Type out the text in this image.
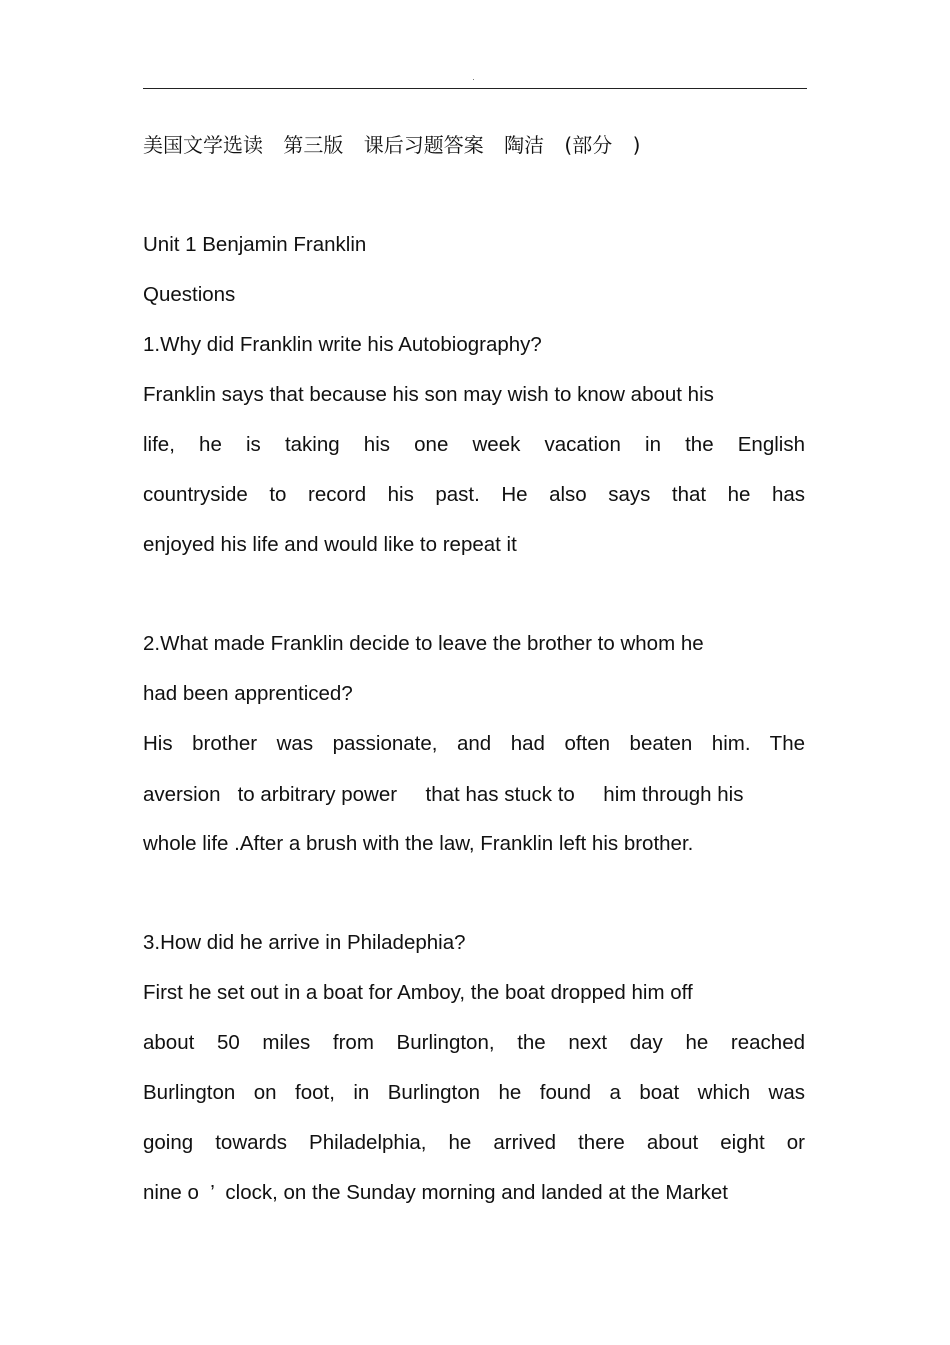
·
美国文学选读 第三版 课后习题答案 陶洁 (部分 )
Unit 1 Benjamin Franklin
Questions
1.Why did Franklin write his Autobiography?
Franklin says that because his son may wish to know about his
life, he is taking his one week vacation in the English
countryside to record his past. He also says that he has
enjoyed his life and would like to repeat it
2.What made Franklin decide to leave the brother to whom he
had been apprenticed?
His brother was passionate, and had often beaten him. The
aversion   to arbitrary power     that has stuck to     him through his
whole life .After a brush with the law, Franklin left his brother.
3.How did he arrive in Philadephia?
First he set out in a boat for Amboy, the boat dropped him off
about 50 miles from Burlington, the next day he reached
Burlington on foot, in Burlington he found a boat which was
going towards Philadelphia, he arrived there about eight or
nine o  ’  clock, on the Sunday morning and landed at the Market
